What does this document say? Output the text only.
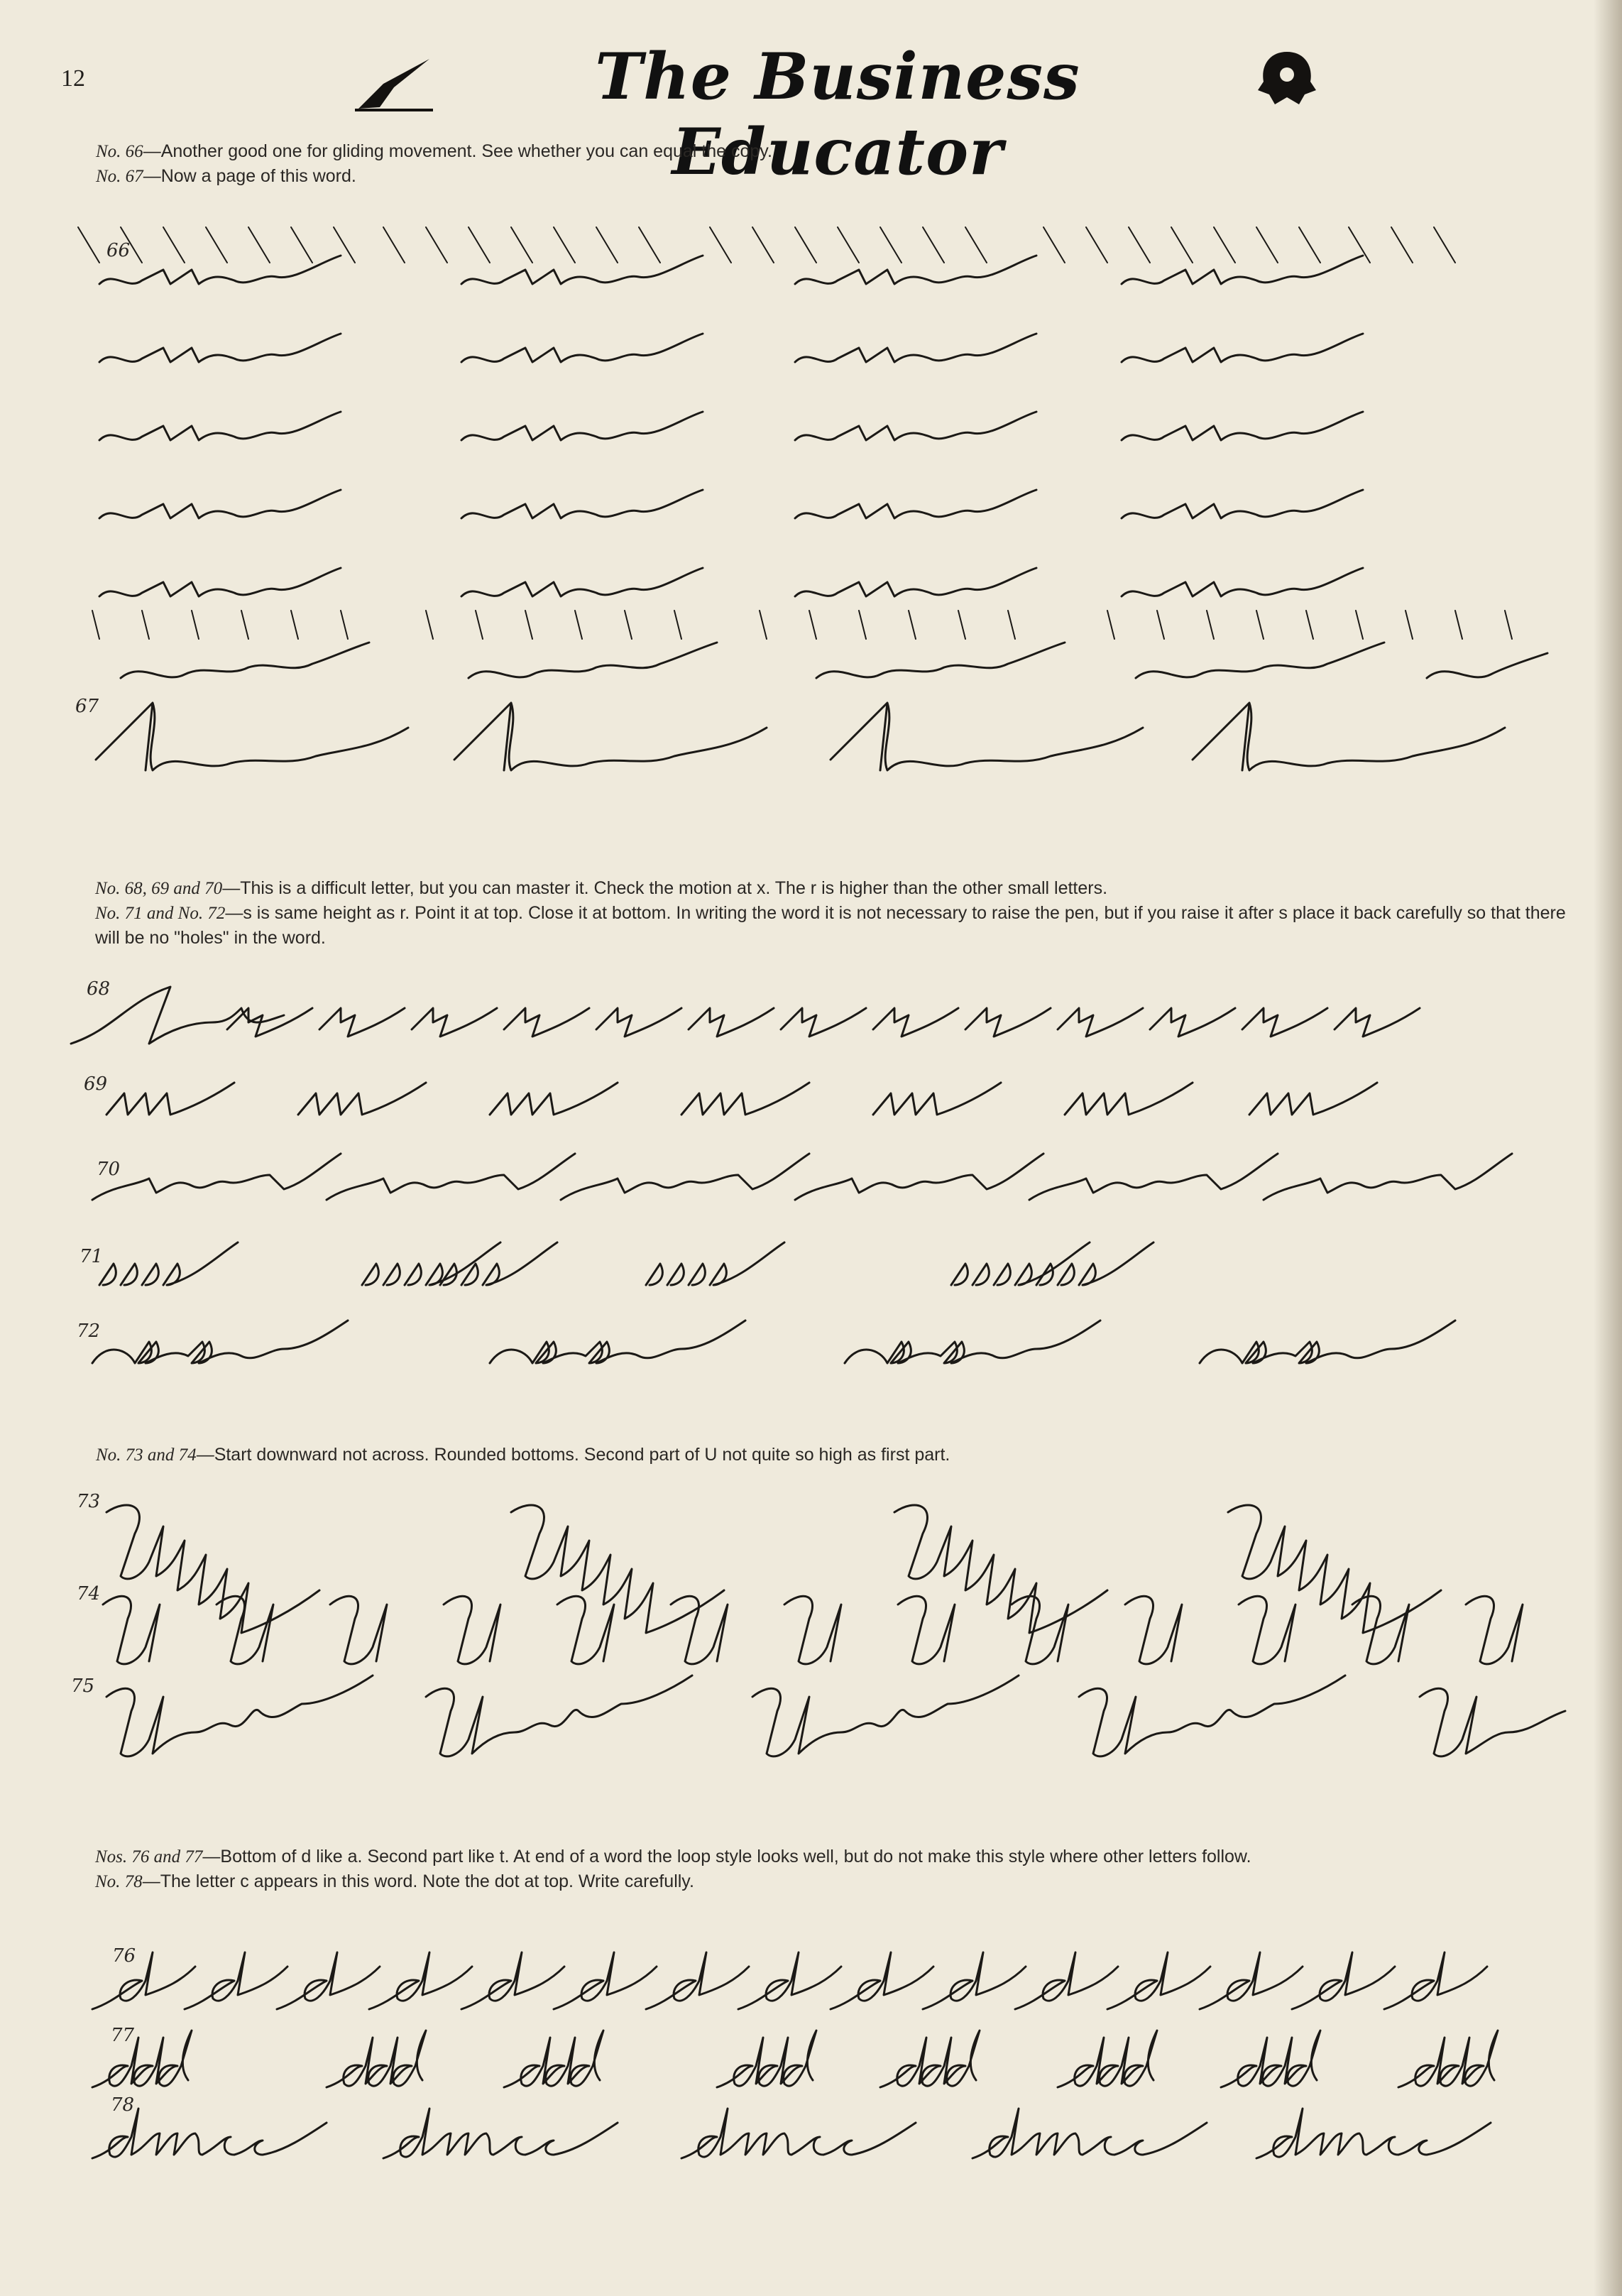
12	The Business Educator

No. 66—Another good one for gliding movement. See whether you can equal the copy.

No. 67—Now a page of this word.

66
67

No. 68, 69 and 70—This is a difficult letter, but you can master it. Check the motion at x. The r is higher than the other small letters.

No. 71 and No. 72—s is same height as r. Point it at top. Close it at bottom. In writing the word it is not necessary to raise the pen, but if you raise it after s place it back carefully so that there will be no "holes" in the word.

68
69
70
71
72

No. 73 and 74—Start downward not across. Rounded bottoms. Second part of U not quite so high as first part.

73
74
75

Nos. 76 and 77—Bottom of d like a. Second part like t. At end of a word the loop style looks well, but do not make this style where other letters follow.

No. 78—The letter c appears in this word. Note the dot at top. Write carefully.

76
77
78
